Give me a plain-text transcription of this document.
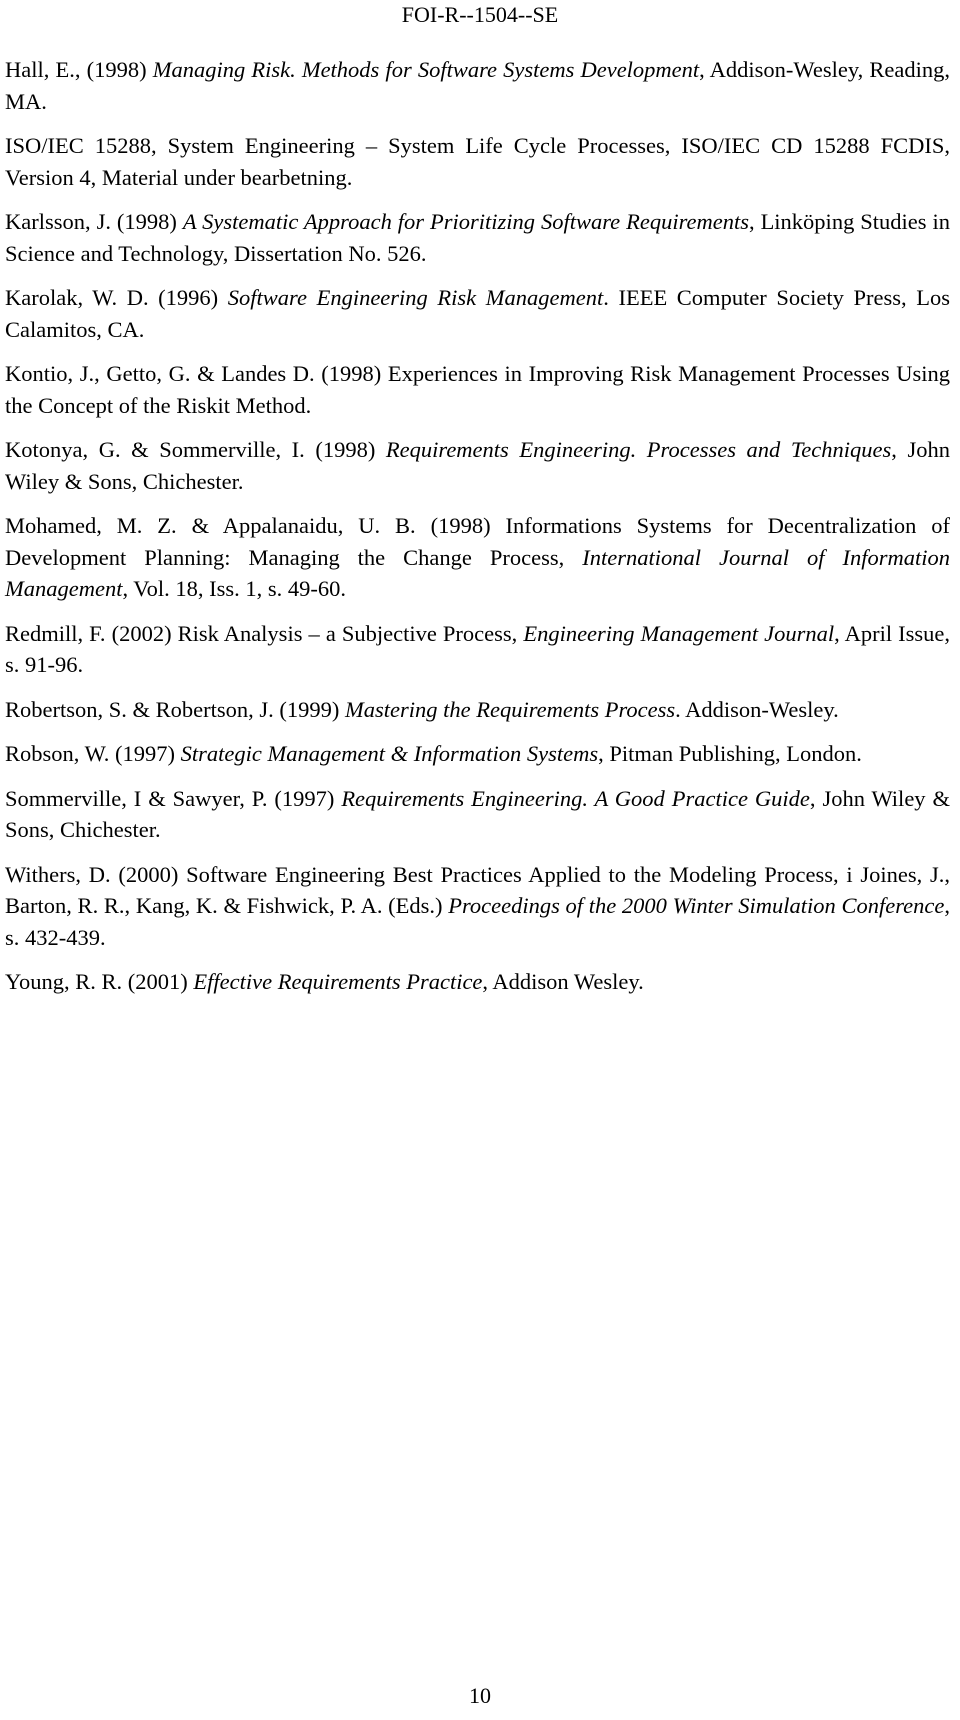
FOI-R--1504--SE

Hall, E., (1998) Managing Risk. Methods for Software Systems Development, Addison-Wesley, Reading, MA.

ISO/IEC 15288, System Engineering – System Life Cycle Processes, ISO/IEC CD 15288 FCDIS, Version 4, Material under bearbetning.

Karlsson, J. (1998) A Systematic Approach for Prioritizing Software Requirements, Linköping Studies in Science and Technology, Dissertation No. 526.

Karolak, W. D. (1996) Software Engineering Risk Management. IEEE Computer Society Press, Los Calamitos, CA.

Kontio, J., Getto, G. & Landes D. (1998) Experiences in Improving Risk Management Processes Using the Concept of the Riskit Method.

Kotonya, G. & Sommerville, I. (1998) Requirements Engineering. Processes and Techniques, John Wiley & Sons, Chichester.

Mohamed, M. Z. & Appalanaidu, U. B. (1998) Informations Systems for Decentralization of Development Planning: Managing the Change Process, International Journal of Information Management, Vol. 18, Iss. 1, s. 49-60.

Redmill, F. (2002) Risk Analysis – a Subjective Process, Engineering Management Journal, April Issue, s. 91-96.

Robertson, S. & Robertson, J. (1999) Mastering the Requirements Process. Addison-Wesley.

Robson, W. (1997) Strategic Management & Information Systems, Pitman Publishing, London.

Sommerville, I & Sawyer, P. (1997) Requirements Engineering. A Good Practice Guide, John Wiley & Sons, Chichester.

Withers, D. (2000) Software Engineering Best Practices Applied to the Modeling Process, i Joines, J., Barton, R. R., Kang, K. & Fishwick, P. A. (Eds.) Proceedings of the 2000 Winter Simulation Conference, s. 432-439.

Young, R. R. (2001) Effective Requirements Practice, Addison Wesley.

10
